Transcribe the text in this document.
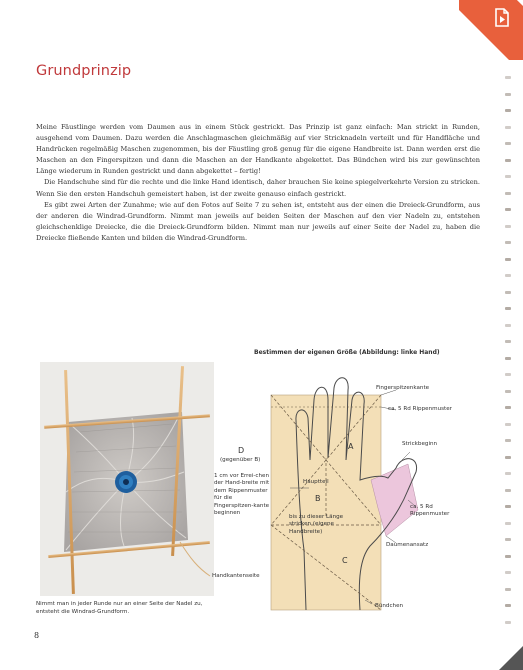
Grundprinzip

Meine Fäustlinge werden vom Daumen aus in einem Stück gestrickt. Das Prinzip ist ganz einfach: Man strickt in Runden, ausgehend vom Daumen. Dazu werden die Anschlagmaschen gleichmäßig auf vier Stricknadeln verteilt und für Handfläche und Handrücken regelmäßig Maschen zugenommen, bis der Fäustling groß genug für die eigene Handbreite ist. Dann werden erst die Maschen an den Fingerspitzen und dann die Maschen an der Handkante abgekettet. Das Bündchen wird bis zur gewünschten Länge wiederum in Runden gestrickt und dann abgekettet – fertig!

Die Handschuhe sind für die rechte und die linke Hand identisch, daher brauchen Sie keine spiegelverkehrte Version zu stricken. Wenn Sie den ersten Handschuh gemeistert haben, ist der zweite genauso einfach gestrickt.

Es gibt zwei Arten der Zunahme; wie auf den Fotos auf Seite 7 zu sehen ist, entsteht aus der einen die Dreieck-Grundform, aus der anderen die Windrad-Grundform. Nimmt man jeweils auf beiden Seiten der Maschen auf den vier Nadeln zu, entstehen gleichschenklige Dreiecke, die die Dreieck-Grundform bilden. Nimmt man nur jeweils auf einer Seite der Nadel zu, haben die Dreiecke fließende Kanten und bilden die Windrad-Grundform.

Nimmt man in jeder Runde nur an einer Seite der Nadel zu, entsteht die Windrad-Grundform.
Bestimmen der eigenen Größe (Abbildung: linke Hand)
D
(gegenüber B)
A
B
C
Fingerspitzenkante
ca. 5 Rd Rippenmuster
Strickbeginn
ca. 5 Rd Rippenmuster
Daumenansatz
Handkantenseite
Bündchen
Hauptteil
bis zu dieser Länge stricken (eigene Handbreite)
1 cm vor Errei-chen der Hand-breite mit dem Rippenmuster für die Fingerspitzen-kante beginnen
8
